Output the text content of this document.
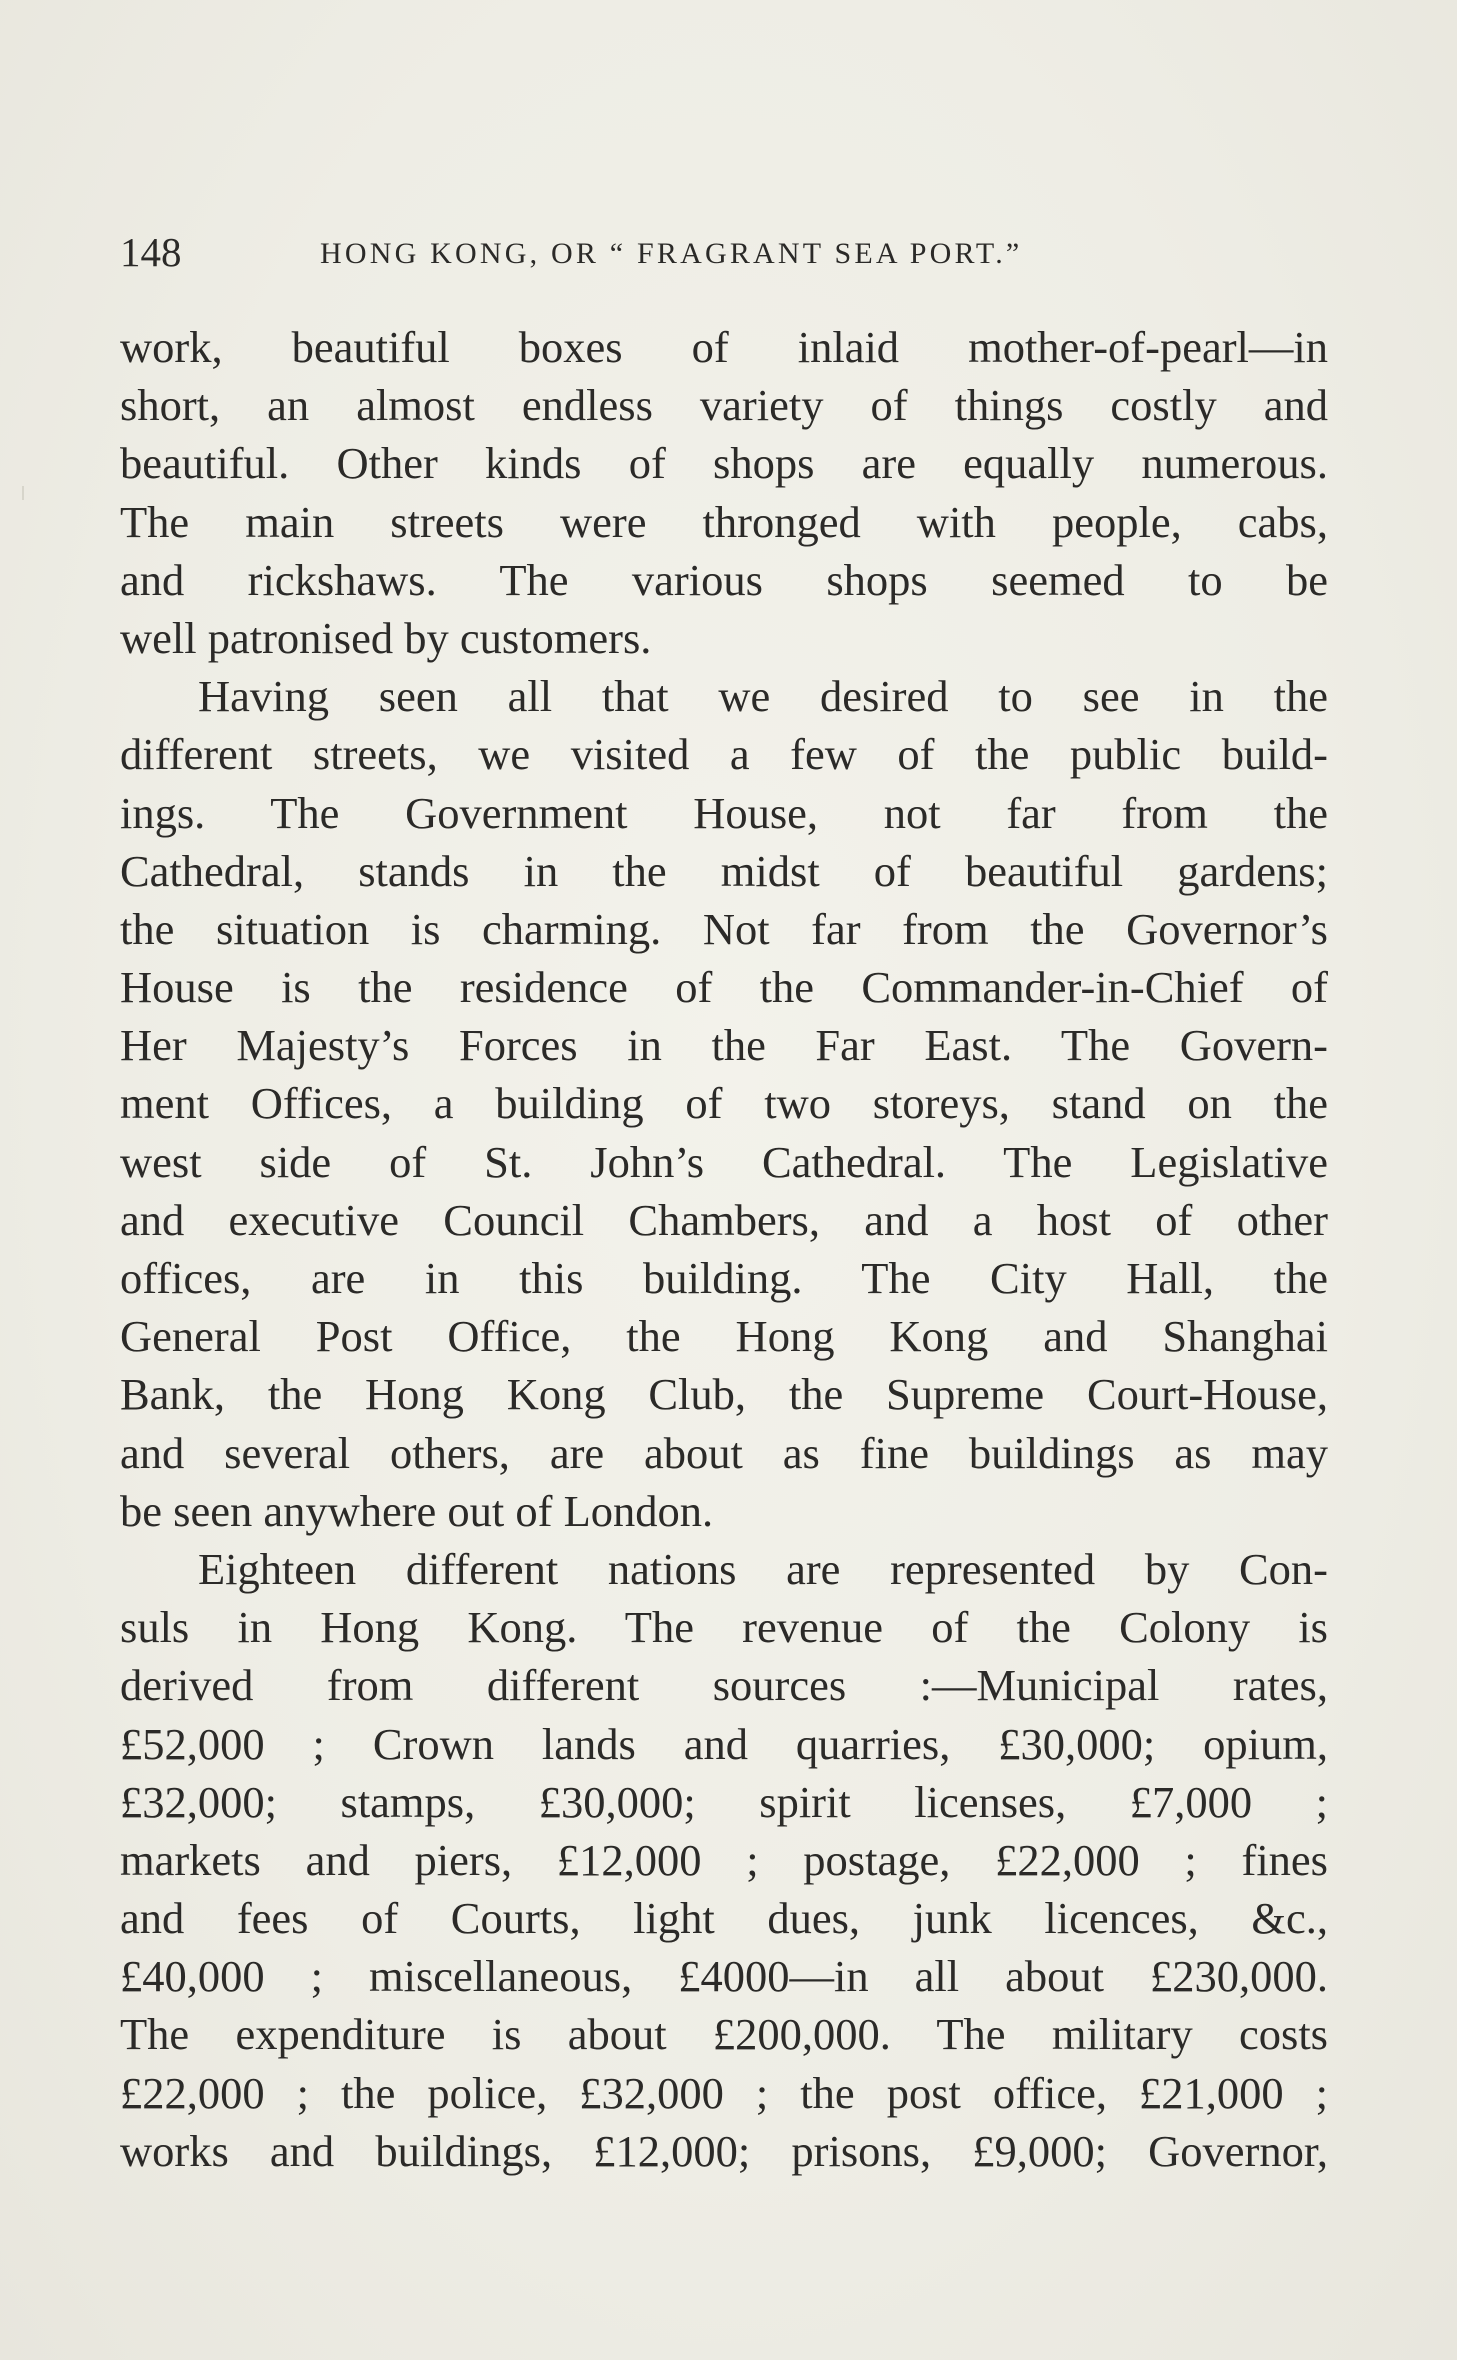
148	HONG KONG, OR “ FRAGRANT SEA PORT.”
work, beautiful boxes of inlaid mother-of-pearl—in
short, an almost endless variety of things costly and
beautiful. Other kinds of shops are equally numerous.
The main streets were thronged with people, cabs,
and rickshaws. The various shops seemed to be
well patronised by customers.
Having seen all that we desired to see in the
different streets, we visited a few of the public build-
ings. The Government House, not far from the
Cathedral, stands in the midst of beautiful gardens;
the situation is charming. Not far from the Governor’s
House is the residence of the Commander-in-Chief of
Her Majesty’s Forces in the Far East. The Govern-
ment Offices, a building of two storeys, stand on the
west side of St. John’s Cathedral. The Legislative
and executive Council Chambers, and a host of other
offices, are in this building. The City Hall, the
General Post Office, the Hong Kong and Shanghai
Bank, the Hong Kong Club, the Supreme Court-House,
and several others, are about as fine buildings as may
be seen anywhere out of London.
Eighteen different nations are represented by Con-
suls in Hong Kong. The revenue of the Colony is
derived from different sources :—Municipal rates,
£52,000 ; Crown lands and quarries, £30,000; opium,
£32,000; stamps, £30,000; spirit licenses, £7,000 ;
markets and piers, £12,000 ; postage, £22,000 ; fines
and fees of Courts, light dues, junk licences, &c.,
£40,000 ; miscellaneous, £4000—in all about £230,000.
The expenditure is about £200,000. The military costs
£22,000 ; the police, £32,000 ; the post office, £21,000 ;
works and buildings, £12,000; prisons, £9,000; Governor,
